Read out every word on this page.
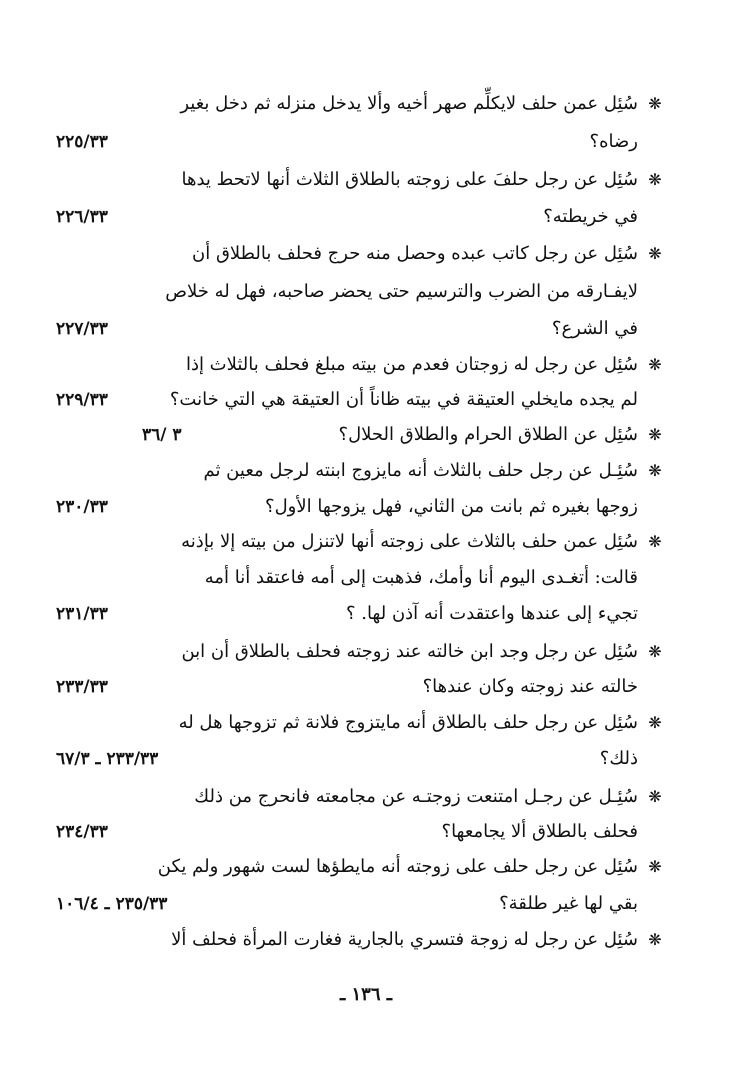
❋
سُئِل عمن حلف لايكلِّم صهر أخيه وألا يدخل منزله ثم دخل بغير
رضاه؟
٢٢٥/٣٣
❋
سُئِل عن رجل حلفَ على زوجته بالطلاق الثلاث أنها لاتحط يدها
في خريطته؟
٢٢٦/٣٣
❋
سُئِل عن رجل كاتب عبده وحصل منه حرج فحلف بالطلاق أن
لايفـارقه من الضرب والترسيم حتى يحضر صاحبه، فهل له خلاص
في الشرع؟
٢٢٧/٣٣
❋
سُئِل عن رجل له زوجتان فعدم من بيته مبلغ فحلف بالثلاث إذا
لم يجده مايخلي العتيقة في بيته ظاناً أن العتيقة هي التي خانت؟
٢٢٩/٣٣
❋
سُئِل عن الطلاق الحرام والطلاق الحلال؟
٣ /٣٦
❋
سُئِـل عن رجل حلف بالثلاث أنه مايزوج ابنته لرجل معين ثم
زوجها بغيره ثم بانت من الثاني، فهل يزوجها الأول؟
٢٣٠/٣٣
❋
سُئِل عمن حلف بالثلاث على زوجته أنها لاتنزل من بيته إلا بإذنه
قالت: أتغـدى اليوم أنا وأمك، فذهبت إلى أمه فاعتقد أنا أمه
تجيء إلى عندها واعتقدت أنه آذن لها. ؟
٢٣١/٣٣
❋
سُئِل عن رجل وجد ابن خالته عند زوجته فحلف بالطلاق أن ابن
خالته عند زوجته وكان عندها؟
٢٣٣/٣٣
❋
سُئِل عن رجل حلف بالطلاق أنه مايتزوج فلانة ثم تزوجها هل له
ذلك؟
٢٣٣/٣٣ ـ ٦٧/٣
❋
سُئِـل عن رجـل امتنعت زوجتـه عن مجامعته فانحرج من ذلك
فحلف بالطلاق ألا يجامعها؟
٢٣٤/٣٣
❋
سُئِل عن رجل حلف على زوجته أنه مايطؤها لست شهور ولم يكن
بقي لها غير طلقة؟
٢٣٥/٣٣ ـ ١٠٦/٤
❋
سُئِل عن رجل له زوجة فتسري بالجارية فغارت المرأة فحلف ألا
ـ ١٣٦ ـ
